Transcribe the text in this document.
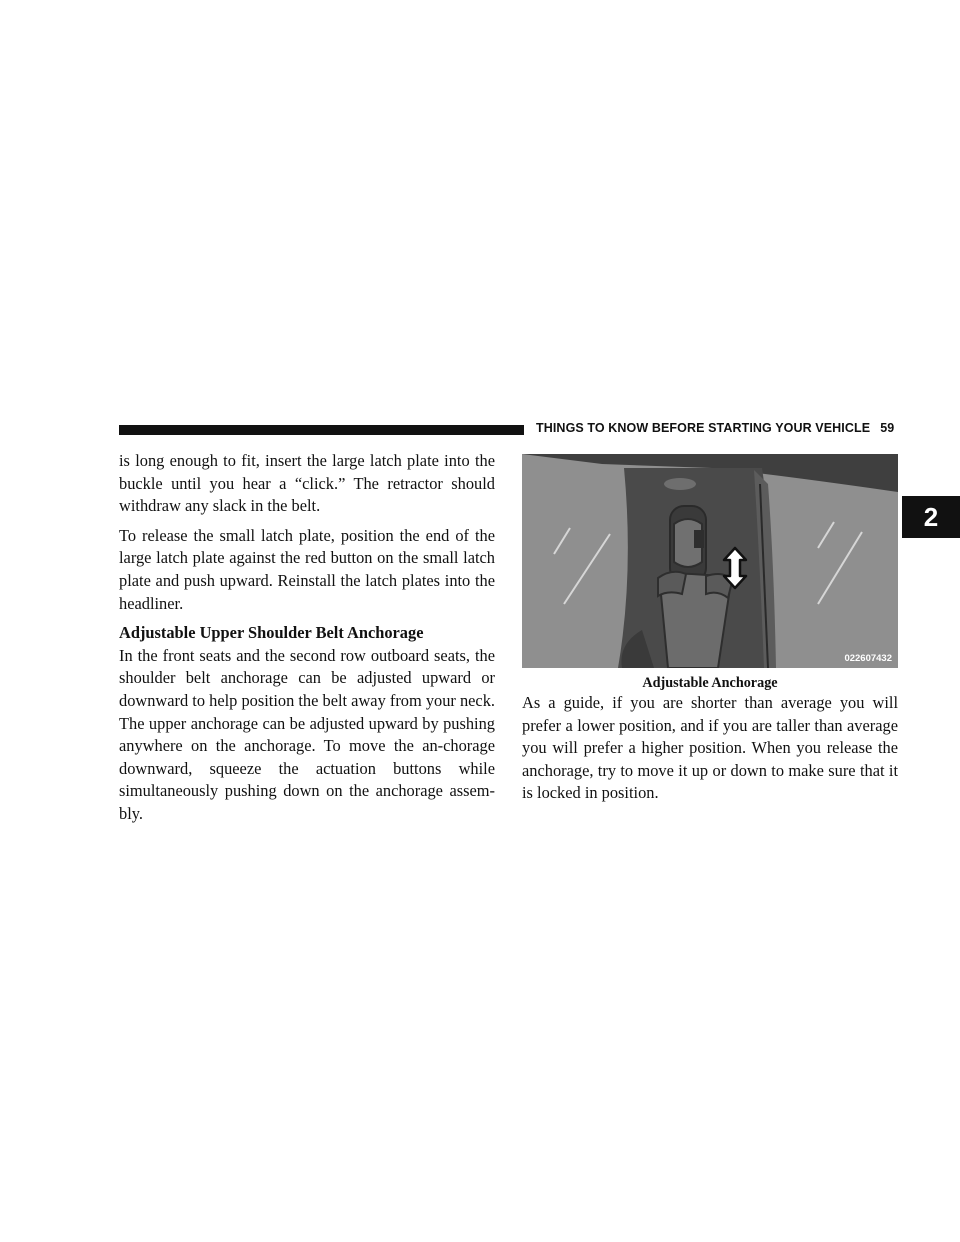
THINGS TO KNOW BEFORE STARTING YOUR VEHICLE 59
2

is long enough to fit, insert the large latch plate into the buckle until you hear a “click.” The retractor should withdraw any slack in the belt.

To release the small latch plate, position the end of the large latch plate against the red button on the small latch plate and push upward. Reinstall the latch plates into the headliner.

Adjustable Upper Shoulder Belt Anchorage

In the front seats and the second row outboard seats, the shoulder belt anchorage can be adjusted upward or downward to help position the belt away from your neck. The upper anchorage can be adjusted upward by pushing anywhere on the anchorage. To move the an-chorage downward, squeeze the actuation buttons while simultaneously pushing down on the anchorage assem-bly.

022607432
Adjustable Anchorage

As a guide, if you are shorter than average you will prefer a lower position, and if you are taller than average you will prefer a higher position. When you release the anchorage, try to move it up or down to make sure that it is locked in position.
